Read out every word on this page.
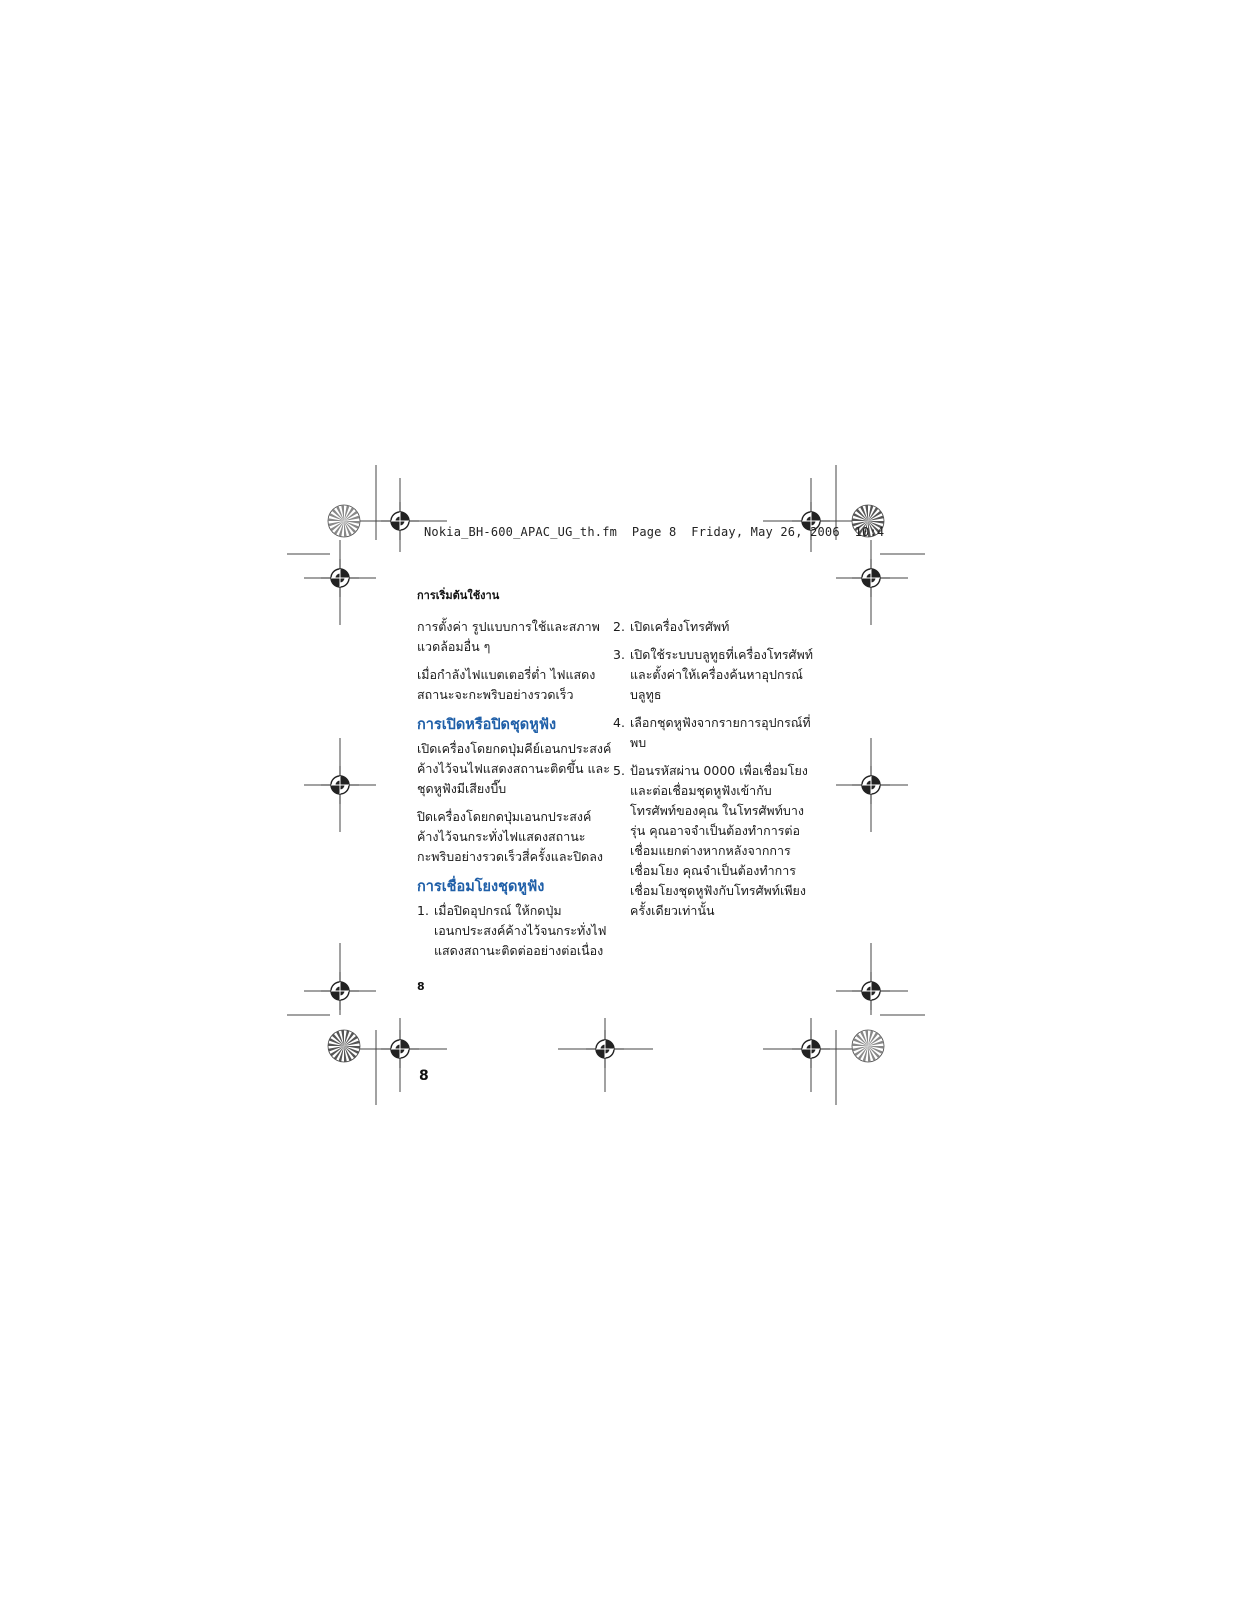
Nokia_BH-600_APAC_UG_th.fm  Page 8  Friday, May 26, 2006  10:4
การเริ่มต้นใช้งาน

การตั้งค่า รูปแบบการใช้และสภาพแวดล้อมอื่น ๆ

เมื่อกำลังไฟแบตเตอรี่ต่ำ ไฟแสดงสถานะจะกะพริบอย่างรวดเร็ว

การเปิดหรือปิดชุดหูฟัง

เปิดเครื่องโดยกดปุ่มคีย์เอนกประสงค์ค้างไว้จนไฟแสดงสถานะติดขึ้น และชุดหูฟังมีเสียงบี๊บ

ปิดเครื่องโดยกดปุ่มเอนกประสงค์ค้างไว้จนกระทั่งไฟแสดงสถานะกะพริบอย่างรวดเร็วสี่ครั้งและปิดลง

การเชื่อมโยงชุดหูฟัง
1. เมื่อปิดอุปกรณ์ ให้กดปุ่มเอนกประสงค์ค้างไว้จนกระทั่งไฟแสดงสถานะติดต่ออย่างต่อเนื่อง
2. เปิดเครื่องโทรศัพท์
3. เปิดใช้ระบบบลูทูธที่เครื่องโทรศัพท์และตั้งค่าให้เครื่องค้นหาอุปกรณ์บลูทูธ
4. เลือกชุดหูฟังจากรายการอุปกรณ์ที่พบ
5. ป้อนรหัสผ่าน 0000 เพื่อเชื่อมโยงและต่อเชื่อมชุดหูฟังเข้ากับโทรศัพท์ของคุณ ในโทรศัพท์บางรุ่น คุณอาจจำเป็นต้องทำการต่อเชื่อมแยกต่างหากหลังจากการเชื่อมโยง คุณจำเป็นต้องทำการเชื่อมโยงชุดหูฟังกับโทรศัพท์เพียงครั้งเดียวเท่านั้น
8
8
